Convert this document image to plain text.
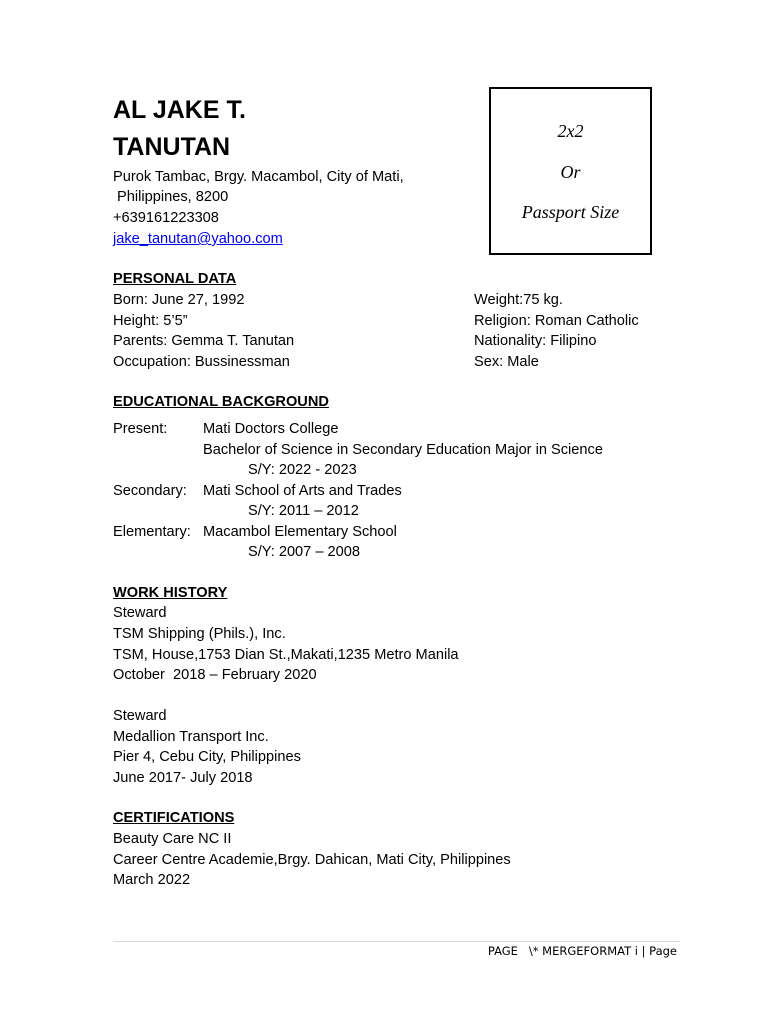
AL JAKE T.
TANUTAN
Purok Tambac, Brgy. Macambol, City of Mati,
Philippines, 8200
+639161223308
jake_tanutan@yahoo.com
2x2
Or
Passport Size
PERSONAL DATA
Born: June 27, 1992
Height: 5’5”
Parents: Gemma T. Tanutan
Occupation: Bussinessman
Weight:75 kg.
Religion: Roman Catholic
Nationality: Filipino
Sex: Male
EDUCATIONAL BACKGROUND
Present: Mati Doctors College
Bachelor of Science in Secondary Education Major in Science
S/Y: 2022 - 2023
Secondary: Mati School of Arts and Trades
S/Y: 2011 – 2012
Elementary: Macambol Elementary School
S/Y: 2007 – 2008
WORK HISTORY
Steward
TSM Shipping (Phils.), Inc.
TSM, House,1753 Dian St.,Makati,1235 Metro Manila
October  2018 – February 2020
Steward
Medallion Transport Inc.
Pier 4, Cebu City, Philippines
June 2017- July 2018
CERTIFICATIONS
Beauty Care NC II
Career Centre Academie,Brgy. Dahican, Mati City, Philippines
March 2022
PAGE   \* MERGEFORMAT i | Page
